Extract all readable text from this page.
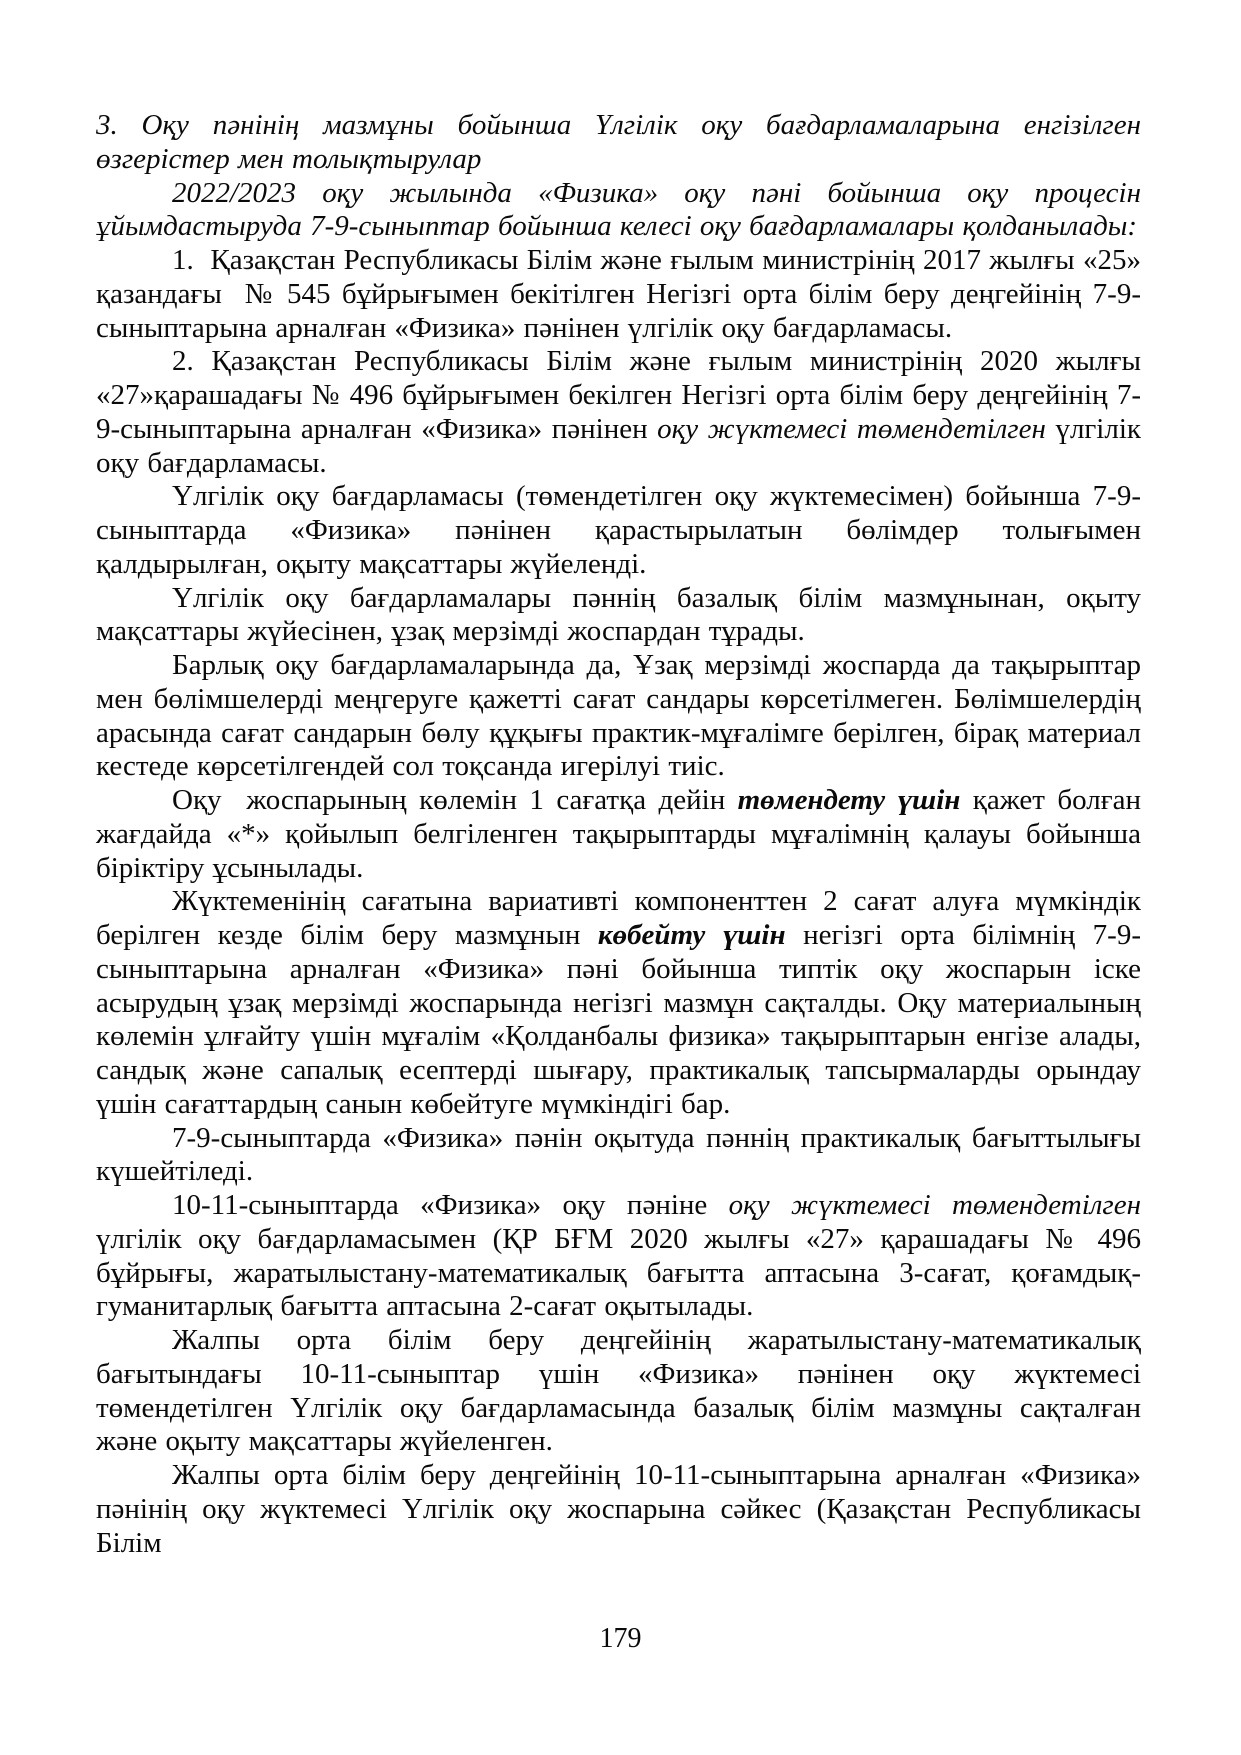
3. Оқу пәнінің мазмұны бойынша Үлгілік оқу бағдарламаларына енгізілген өзгерістер мен толықтырулар

2022/2023 оқу жылында «Физика» оқу пәні бойынша оқу процесін ұйымдастыруда 7-9-сыныптар бойынша келесі оқу бағдарламалары қолданылады:

1.  Қазақстан Республикасы Білім және ғылым министрінің 2017 жылғы «25» қазандағы  № 545 бұйрығымен бекітілген Негізгі орта білім беру деңгейінің 7-9-сыныптарына арналған «Физика» пәнінен үлгілік оқу бағдарламасы.

2. Қазақстан Республикасы Білім және ғылым министрінің 2020 жылғы «27»қарашадағы № 496 бұйрығымен бекілген Негізгі орта білім беру деңгейінің 7-9-сыныптарына арналған «Физика» пәнінен оқу жүктемесі төмендетілген үлгілік оқу бағдарламасы.

Үлгілік оқу бағдарламасы (төмендетілген оқу жүктемесімен) бойынша 7-9-сыныптарда «Физика» пәнінен қарастырылатын бөлімдер толығымен қалдырылған, оқыту мақсаттары жүйеленді.

Үлгілік оқу бағдарламалары пәннің базалық білім мазмұнынан, оқыту мақсаттары жүйесінен, ұзақ мерзімді жоспардан тұрады.

Барлық оқу бағдарламаларында да, Ұзақ мерзімді жоспарда да тақырыптар мен бөлімшелерді меңгеруге қажетті сағат сандары көрсетілмеген. Бөлімшелердің арасында сағат сандарын бөлу құқығы практик-мұғалімге берілген, бірақ материал кестеде көрсетілгендей сол тоқсанда игерілуі тиіс.

Оқу  жоспарының көлемін 1 сағатқа дейін төмендету үшін қажет болған жағдайда «*» қойылып белгіленген тақырыптарды мұғалімнің қалауы бойынша біріктіру ұсынылады.

Жүктеменінің сағатына вариативті компоненттен 2 сағат алуға мүмкіндік берілген кезде білім беру мазмұнын көбейту үшін негізгі орта білімнің 7-9-сыныптарына арналған «Физика» пәні бойынша типтік оқу жоспарын іске асырудың ұзақ мерзімді жоспарында негізгі мазмұн сақталды. Оқу материалының көлемін ұлғайту үшін мұғалім «Қолданбалы физика» тақырыптарын енгізе алады, сандық және сапалық есептерді шығару, практикалық тапсырмаларды орындау үшін сағаттардың санын көбейтуге мүмкіндігі бар.

7-9-сыныптарда «Физика» пәнін оқытуда пәннің практикалық бағыттылығы күшейтіледі.

10-11-сыныптарда «Физика» оқу пәніне оқу жүктемесі төмендетілген үлгілік оқу бағдарламасымен (ҚР БҒМ 2020 жылғы «27» қарашадағы № 496 бұйрығы, жаратылыстану-математикалық бағытта аптасына 3-сағат, қоғамдық-гуманитарлық бағытта аптасына 2-сағат оқытылады.

Жалпы орта білім беру деңгейінің жаратылыстану-математикалық бағытындағы 10-11-сыныптар үшін «Физика» пәнінен оқу жүктемесі төмендетілген Үлгілік оқу бағдарламасында базалық білім мазмұны сақталған және оқыту мақсаттары жүйеленген.

Жалпы орта білім беру деңгейінің 10-11-сыныптарына арналған «Физика» пәнінің оқу жүктемесі Үлгілік оқу жоспарына сәйкес (Қазақстан Республикасы Білім

179
